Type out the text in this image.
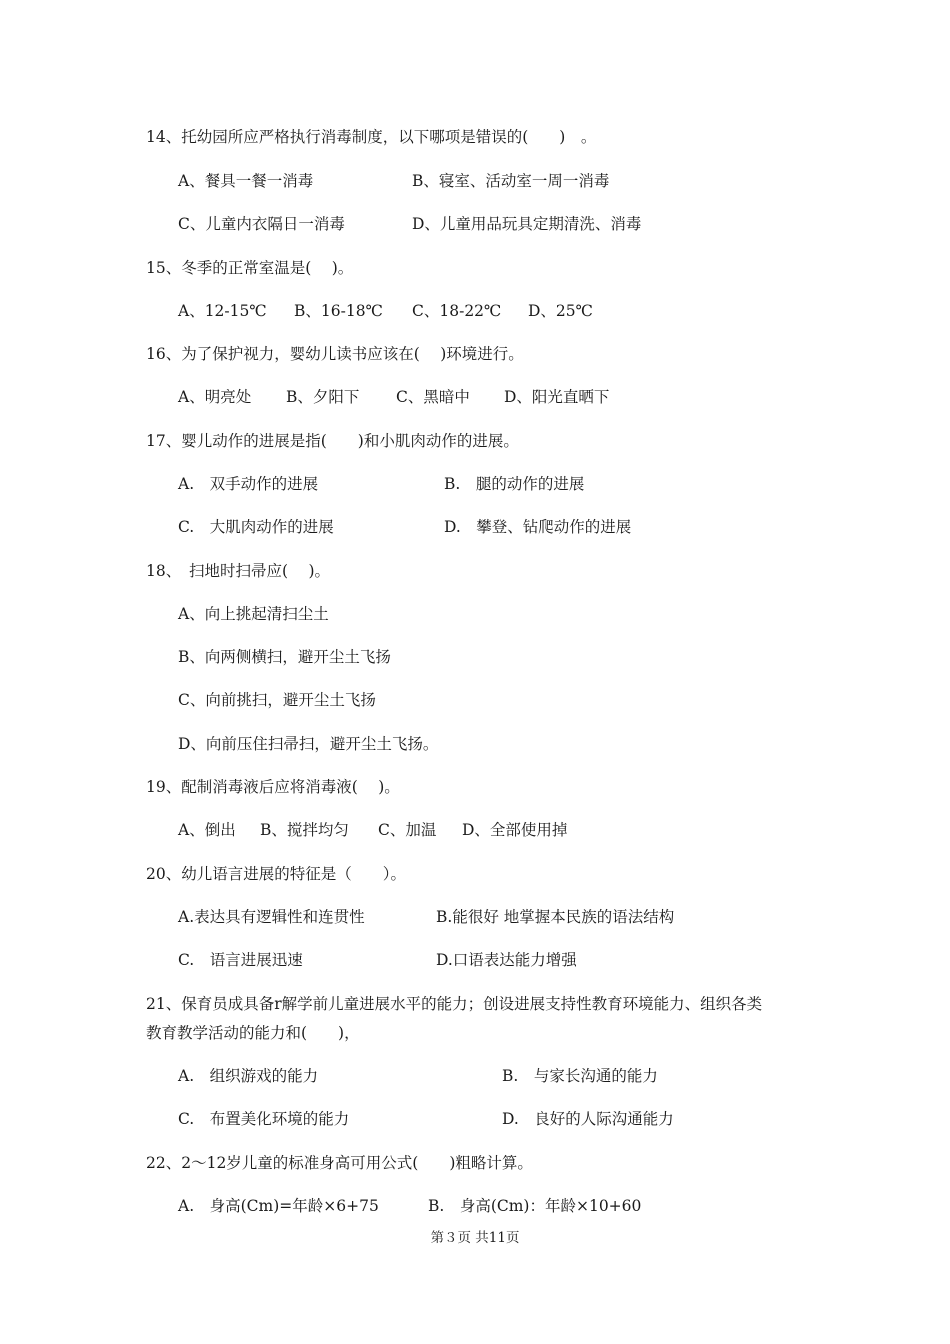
14、托幼园所应严格执行消毒制度，以下哪项是错误的(　　)　。
A、餐具一餐一消毒	B、寝室、活动室一周一消毒
C、儿童内衣隔日一消毒	D、儿童用品玩具定期清洗、消毒
15、冬季的正常室温是(　 )。
A、12-15℃ B、16-18℃ C、18-22℃ D、25℃
16、为了保护视力，婴幼儿读书应该在(　 )环境进行。
A、明亮处 B、夕阳下 C、黑暗中 D、阳光直晒下
17、婴儿动作的进展是指(　　)和小肌肉动作的进展。
A.　双手动作的进展	B.　腿的动作的进展
C.　大肌肉动作的进展	D.　攀登、钻爬动作的进展
18、　扫地时扫帚应(　 )。
A、向上挑起清扫尘土
B、向两侧横扫，避开尘土飞扬
C、向前挑扫，避开尘土飞扬
D、向前压住扫帚扫，避开尘土飞扬。
19、配制消毒液后应将消毒液(　 )。
A、倒出 B、搅拌均匀 C、加温 D、全部使用掉
20、幼儿语言进展的特征是（　　）。
A.表达具有逻辑性和连贯性	B.能很好 地掌握本民族的语法结构
C.　语言进展迅速	D.口语表达能力增强
21、保育员成具备r解学前儿童进展水平的能力；创设进展支持性教育环境能力、组织各类
教育教学活动的能力和(　　)，
A.　组织游戏的能力	B.　与家长沟通的能力
C.　布置美化环境的能力	D.　良好的人际沟通能力
22、2～12岁儿童的标准身高可用公式(　　)粗略计算。
A.　身高(Cm)=年龄×6+75	B.　身高(Cm)：年龄×10+60
第３页 共11页
